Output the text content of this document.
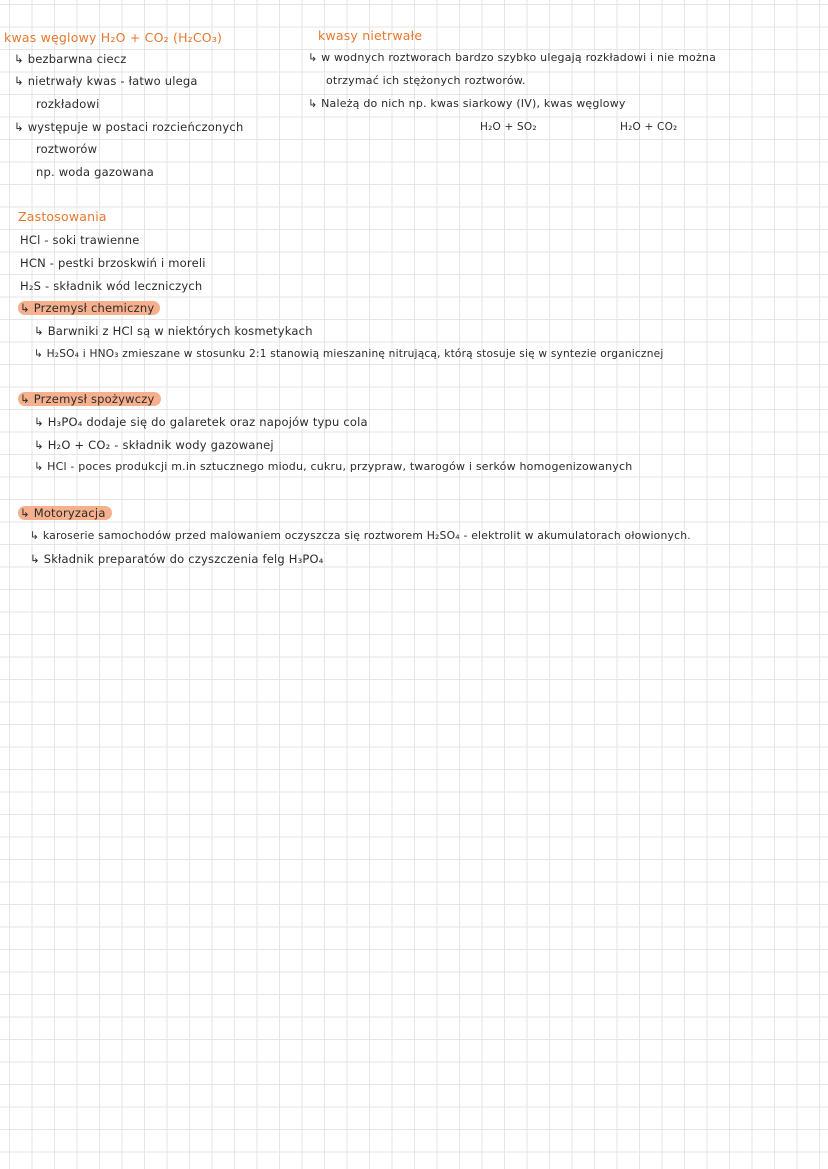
kwas węglowy H₂O + CO₂ (H₂CO₃)
↳ bezbarwna ciecz
↳ nietrwały kwas - łatwo ulega
rozkładowi
↳ występuje w postaci rozcieńczonych
roztworów
np. woda gazowana
kwasy nietrwałe
↳ w wodnych roztworach bardzo szybko ulegają rozkładowi i nie można
otrzymać ich stężonych roztworów.
↳ Należą do nich np. kwas siarkowy (IV), kwas węglowy
H₂O + SO₂	H₂O + CO₂
Zastosowania
HCl - soki trawienne
HCN - pestki brzoskwiń i moreli
H₂S - składnik wód leczniczych
↳ Przemysł chemiczny
↳ Barwniki z HCl są w niektórych kosmetykach
↳ H₂SO₄ i HNO₃ zmieszane w stosunku 2:1 stanowią mieszaninę nitrującą, którą stosuje się w syntezie organicznej
↳ Przemysł spożywczy
↳ H₃PO₄ dodaje się do galaretek oraz napojów typu cola
↳ H₂O + CO₂ - składnik wody gazowanej
↳ HCl - poces produkcji m.in sztucznego miodu, cukru, przypraw, twarogów i serków homogenizowanych
↳ Motoryzacja
↳ karoserie samochodów przed malowaniem oczyszcza się roztworem H₂SO₄ - elektrolit w akumulatorach ołowionych.
↳ Składnik preparatów do czyszczenia felg H₃PO₄
